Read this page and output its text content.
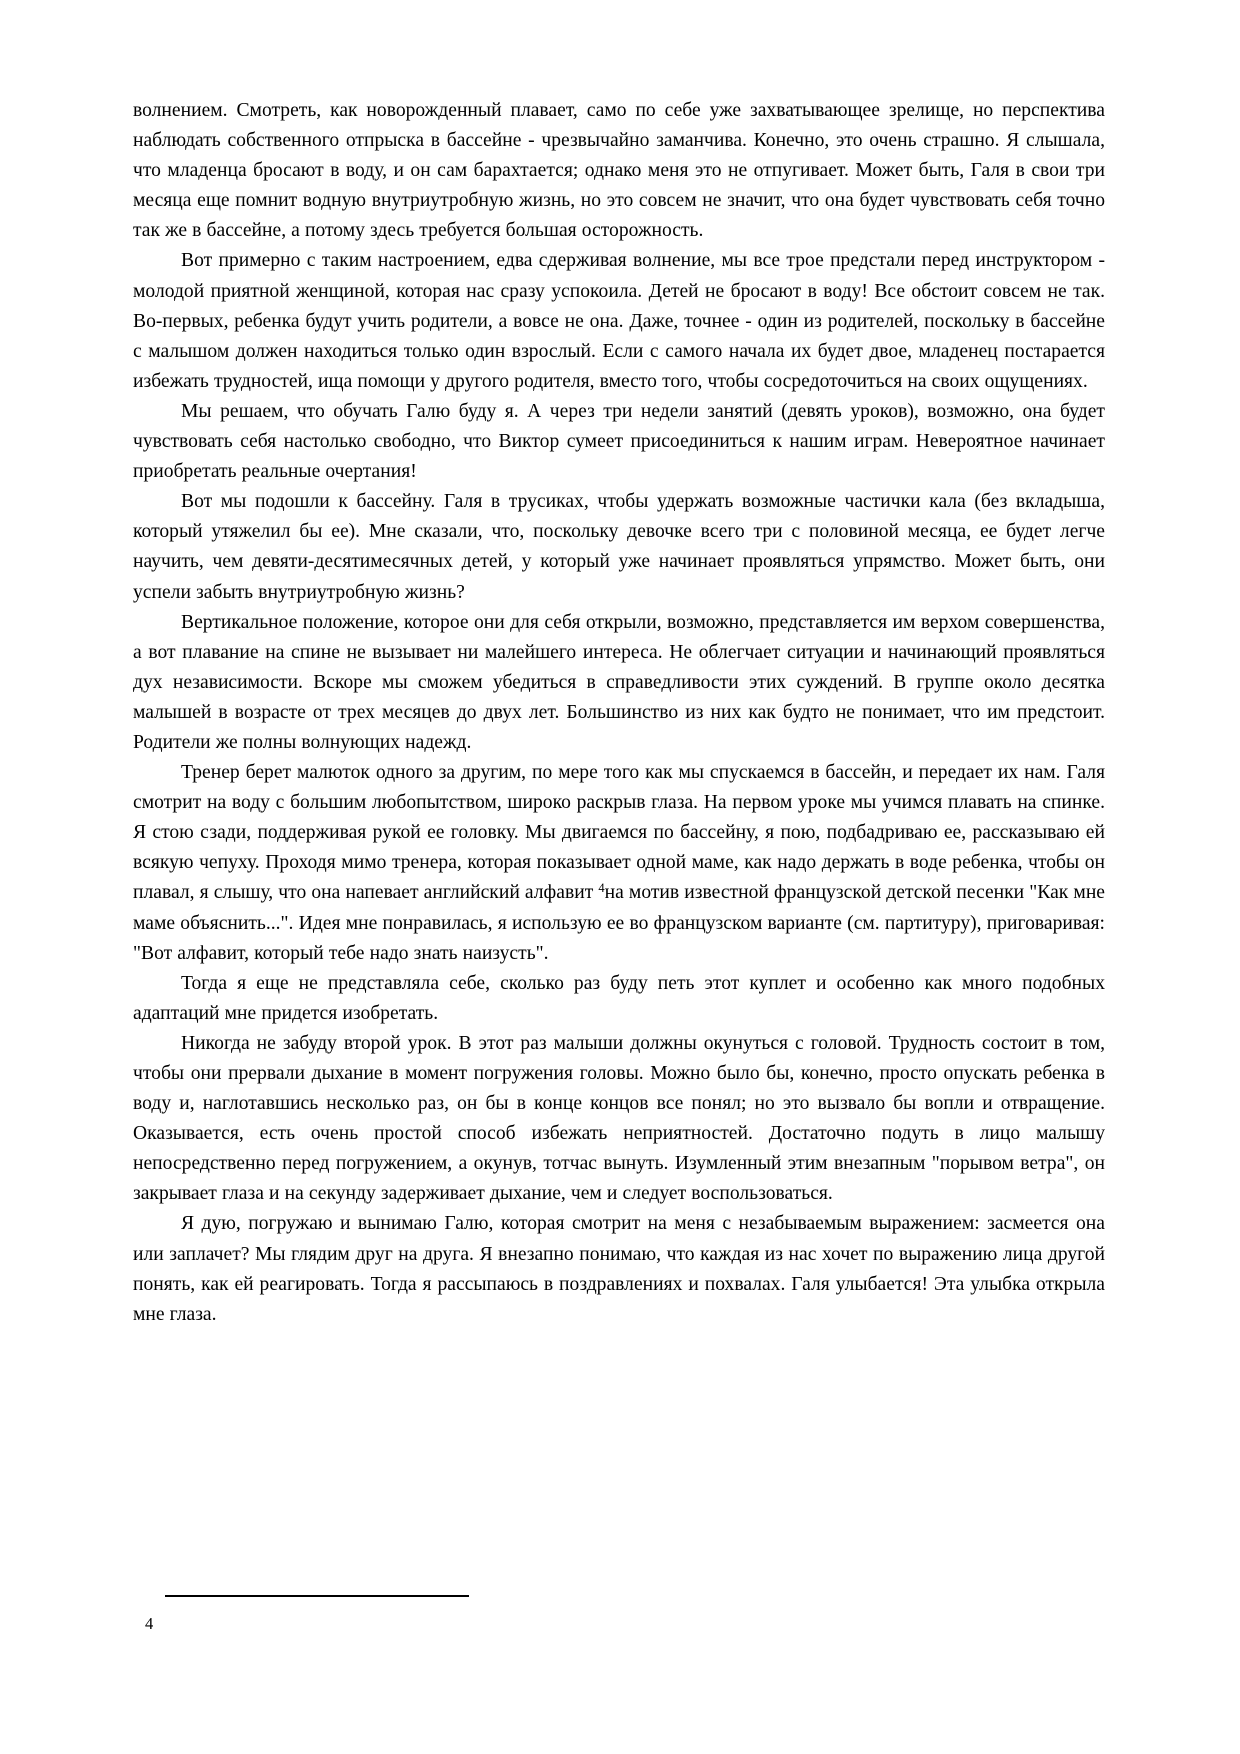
волнением. Смотреть, как новорожденный плавает, само по себе уже захватывающее зрелище, но перспектива наблюдать собственного отпрыска в бассейне - чрезвычайно заманчива. Конечно, это очень страшно. Я слышала, что младенца бросают в воду, и он сам барахтается; однако меня это не отпугивает. Может быть, Галя в свои три месяца еще помнит водную внутриутробную жизнь, но это совсем не значит, что она будет чувствовать себя точно так же в бассейне, а потому здесь требуется большая осторожность.

Вот примерно с таким настроением, едва сдерживая волнение, мы все трое предстали перед инструктором - молодой приятной женщиной, которая нас сразу успокоила. Детей не бросают в воду! Все обстоит совсем не так. Во-первых, ребенка будут учить родители, а вовсе не она. Даже, точнее - один из родителей, поскольку в бассейне с малышом должен находиться только один взрослый. Если с самого начала их будет двое, младенец постарается избежать трудностей, ища помощи у другого родителя, вместо того, чтобы сосредоточиться на своих ощущениях.

Мы решаем, что обучать Галю буду я. А через три недели занятий (девять уроков), возможно, она будет чувствовать себя настолько свободно, что Виктор сумеет присоединиться к нашим играм. Невероятное начинает приобретать реальные очертания!

Вот мы подошли к бассейну. Галя в трусиках, чтобы удержать возможные частички кала (без вкладыша, который утяжелил бы ее). Мне сказали, что, поскольку девочке всего три с половиной месяца, ее будет легче научить, чем девяти-десятимесячных детей, у который уже начинает проявляться упрямство. Может быть, они успели забыть внутриутробную жизнь?

Вертикальное положение, которое они для себя открыли, возможно, представляется им верхом совершенства, а вот плавание на спине не вызывает ни малейшего интереса. Не облегчает ситуации и начинающий проявляться дух независимости. Вскоре мы сможем убедиться в справедливости этих суждений. В группе около десятка малышей в возрасте от трех месяцев до двух лет. Большинство из них как будто не понимает, что им предстоит. Родители же полны волнующих надежд.

Тренер берет малюток одного за другим, по мере того как мы спускаемся в бассейн, и передает их нам. Галя смотрит на воду с большим любопытством, широко раскрыв глаза. На первом уроке мы учимся плавать на спинке. Я стою сзади, поддерживая рукой ее головку. Мы двигаемся по бассейну, я пою, подбадриваю ее, рассказываю ей всякую чепуху. Проходя мимо тренера, которая показывает одной маме, как надо держать в воде ребенка, чтобы он плавал, я слышу, что она напевает английский алфавит $^4$на мотив известной французской детской песенки "Как мне маме объяснить...". Идея мне понравилась, я использую ее во французском варианте (см. партитуру), приговаривая: "Вот алфавит, который тебе надо знать наизусть".

Тогда я еще не представляла себе, сколько раз буду петь этот куплет и особенно как много подобных адаптаций мне придется изобретать.

Никогда не забуду второй урок. В этот раз малыши должны окунуться с головой. Трудность состоит в том, чтобы они прервали дыхание в момент погружения головы. Можно было бы, конечно, просто опускать ребенка в воду и, наглотавшись несколько раз, он бы в конце концов все понял; но это вызвало бы вопли и отвращение. Оказывается, есть очень простой способ избежать неприятностей. Достаточно подуть в лицо малышу непосредственно перед погружением, а окунув, тотчас вынуть. Изумленный этим внезапным "порывом ветра", он закрывает глаза и на секунду задерживает дыхание, чем и следует воспользоваться.

Я дую, погружаю и вынимаю Галю, которая смотрит на меня с незабываемым выражением: засмеется она или заплачет? Мы глядим друг на друга. Я внезапно понимаю, что каждая из нас хочет по выражению лица другой понять, как ей реагировать. Тогда я рассыпаюсь в поздравлениях и похвалах. Галя улыбается! Эта улыбка открыла мне глаза.

4
